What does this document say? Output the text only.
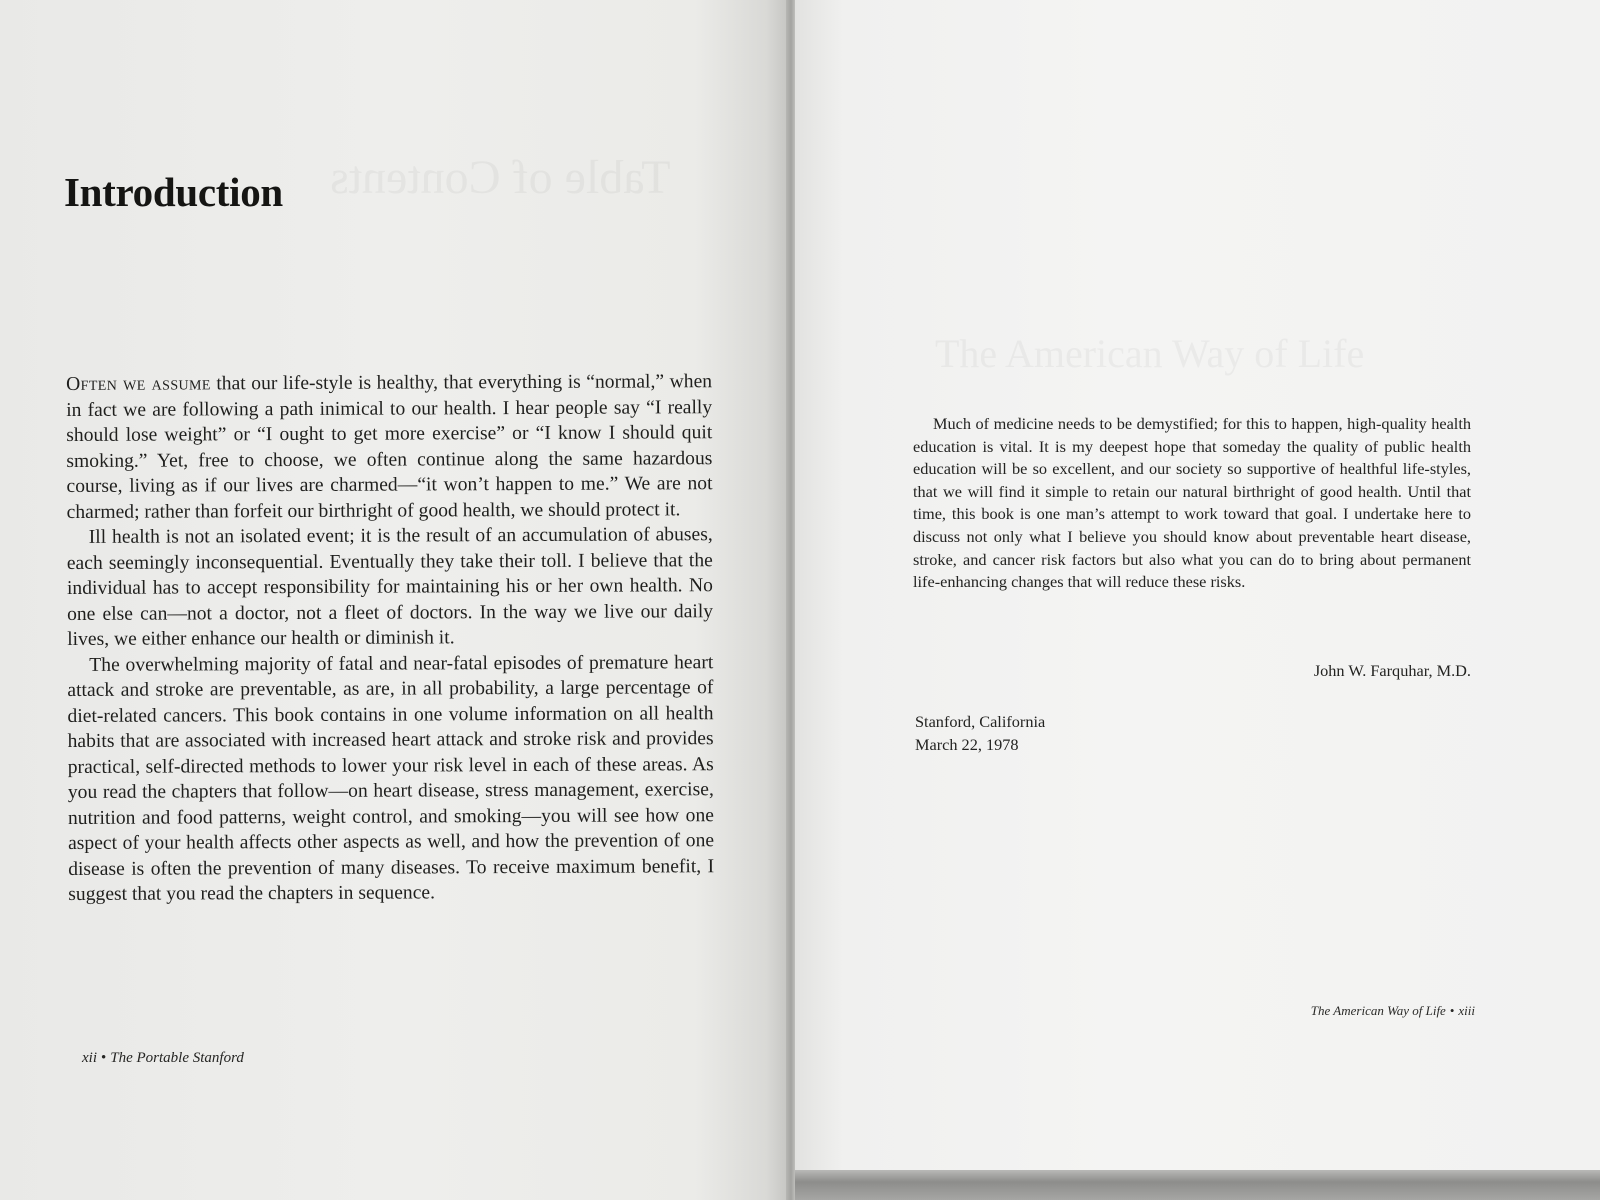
Table of Contents
Introduction

Often we assume that our life-style is healthy, that everything is “normal,” when in fact we are following a path inimical to our health. I hear people say “I really should lose weight” or “I ought to get more exercise” or “I know I should quit smoking.” Yet, free to choose, we often continue along the same hazardous course, living as if our lives are charmed—“it won’t happen to me.” We are not charmed; rather than forfeit our birthright of good health, we should protect it.

Ill health is not an isolated event; it is the result of an accumulation of abuses, each seemingly inconsequential. Eventually they take their toll. I believe that the individual has to accept responsibility for maintaining his or her own health. No one else can—not a doctor, not a fleet of doctors. In the way we live our daily lives, we either enhance our health or diminish it.

The overwhelming majority of fatal and near-fatal episodes of premature heart attack and stroke are preventable, as are, in all probability, a large percentage of diet-related cancers. This book contains in one volume information on all health habits that are associated with increased heart attack and stroke risk and provides practical, self-directed methods to lower your risk level in each of these areas. As you read the chapters that follow—on heart disease, stress management, exercise, nutrition and food patterns, weight control, and smoking—you will see how one aspect of your health affects other aspects as well, and how the prevention of one disease is often the prevention of many diseases. To receive maximum benefit, I suggest that you read the chapters in sequence.

xii • The Portable Stanford
The American Way of Life

Much of medicine needs to be demystified; for this to happen, high-quality health education is vital. It is my deepest hope that someday the quality of public health education will be so excellent, and our society so supportive of healthful life-styles, that we will find it simple to retain our natural birthright of good health. Until that time, this book is one man’s attempt to work toward that goal. I undertake here to discuss not only what I believe you should know about preventable heart disease, stroke, and cancer risk factors but also what you can do to bring about permanent life-enhancing changes that will reduce these risks.

John W. Farquhar, M.D.
Stanford, California
March 22, 1978
The American Way of Life • xiii
